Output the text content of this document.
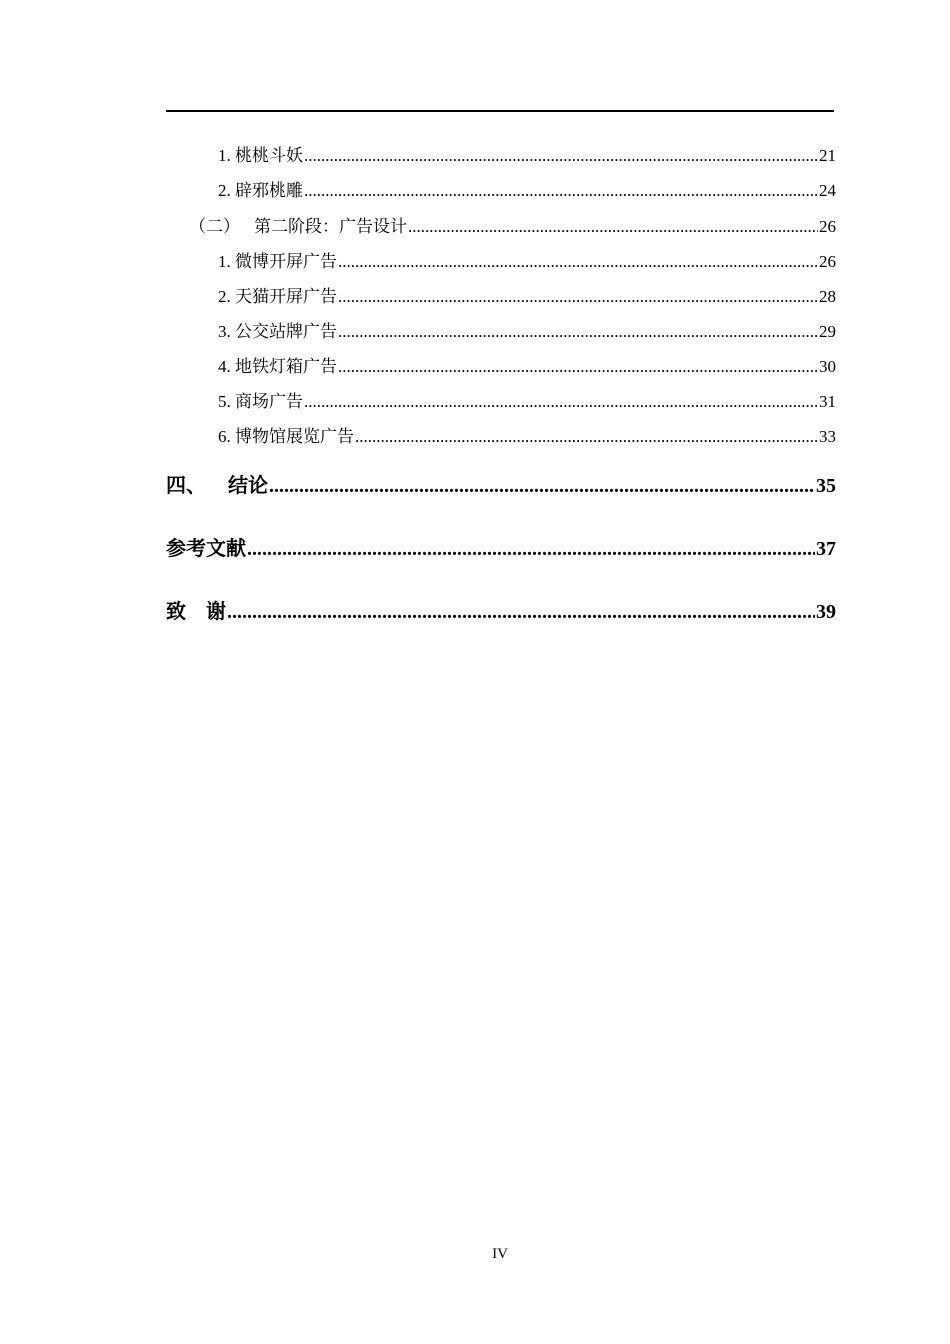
1. 桃桃斗妖 .....	21
2. 辟邪桃雕 .....	24
（二） 第二阶段：广告设计 .....	26
1. 微博开屏广告 .....	26
2. 天猫开屏广告 .....	28
3. 公交站牌广告 .....	29
4. 地铁灯箱广告 .....	30
5. 商场广告 .....	31
6. 博物馆展览广告 .....	33
四、 结论 .....	35
参考文献 .....	37
致 谢 .....	39
IV
